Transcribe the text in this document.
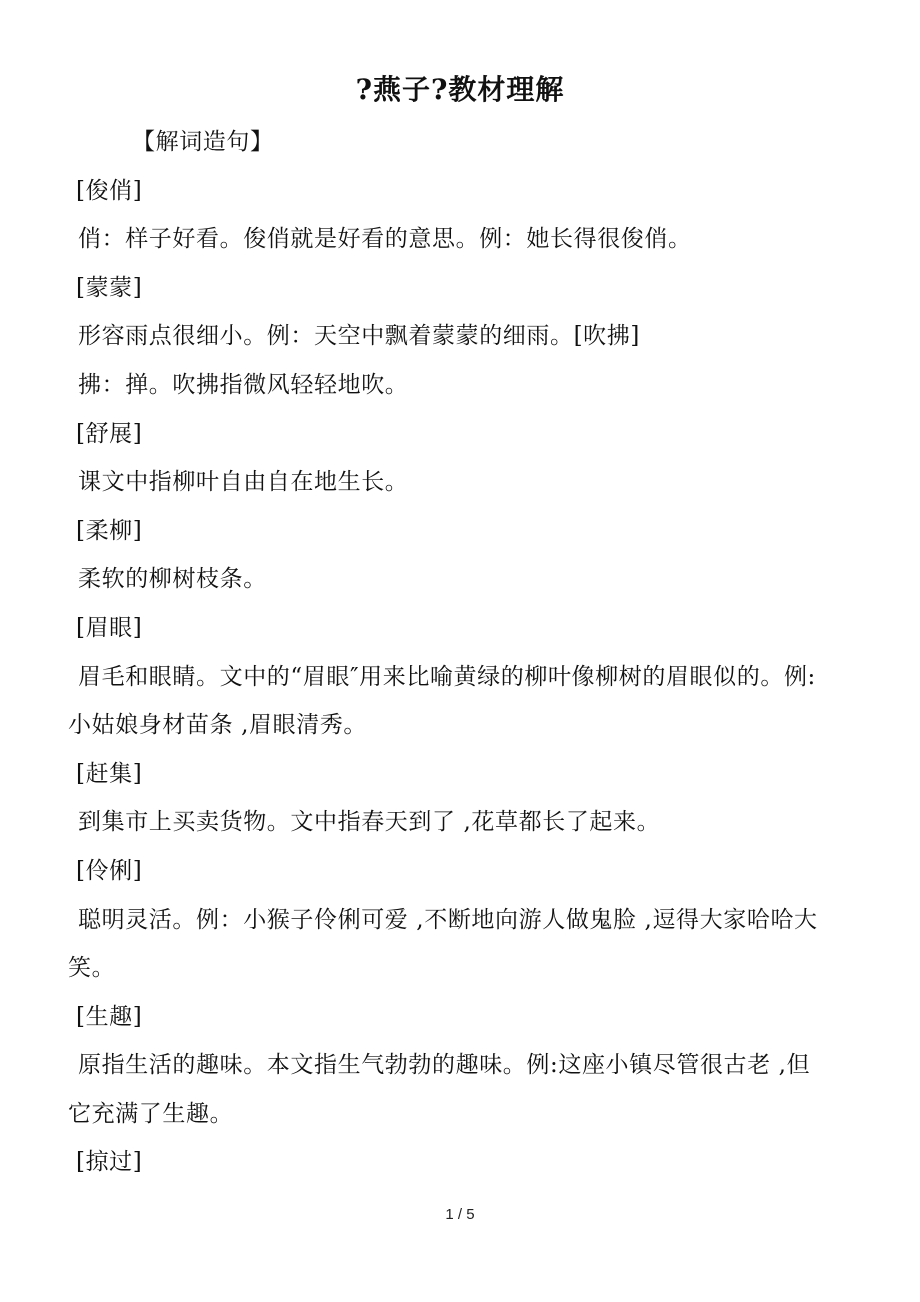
?燕子?教材理解
【解词造句】
[俊俏]
俏：样子好看。俊俏就是好看的意思。例：她长得很俊俏。
[蒙蒙]
形容雨点很细小。例：天空中飘着蒙蒙的细雨。[吹拂]
拂：掸。吹拂指微风轻轻地吹。
[舒展]
课文中指柳叶自由自在地生长。
[柔柳]
柔软的柳树枝条。
[眉眼]
眉毛和眼睛。文中的“眉眼″用来比喻黄绿的柳叶像柳树的眉眼似的。例:
小姑娘身材苗条 ,眉眼清秀。
[赶集]
到集市上买卖货物。文中指春天到了 ,花草都长了起来。
[伶俐]
聪明灵活。例：小猴子伶俐可爱 ,不断地向游人做鬼脸 ,逗得大家哈哈大
笑。
[生趣]
原指生活的趣味。本文指生气勃勃的趣味。例:这座小镇尽管很古老 ,但
它充满了生趣。
[掠过]
1 / 5
